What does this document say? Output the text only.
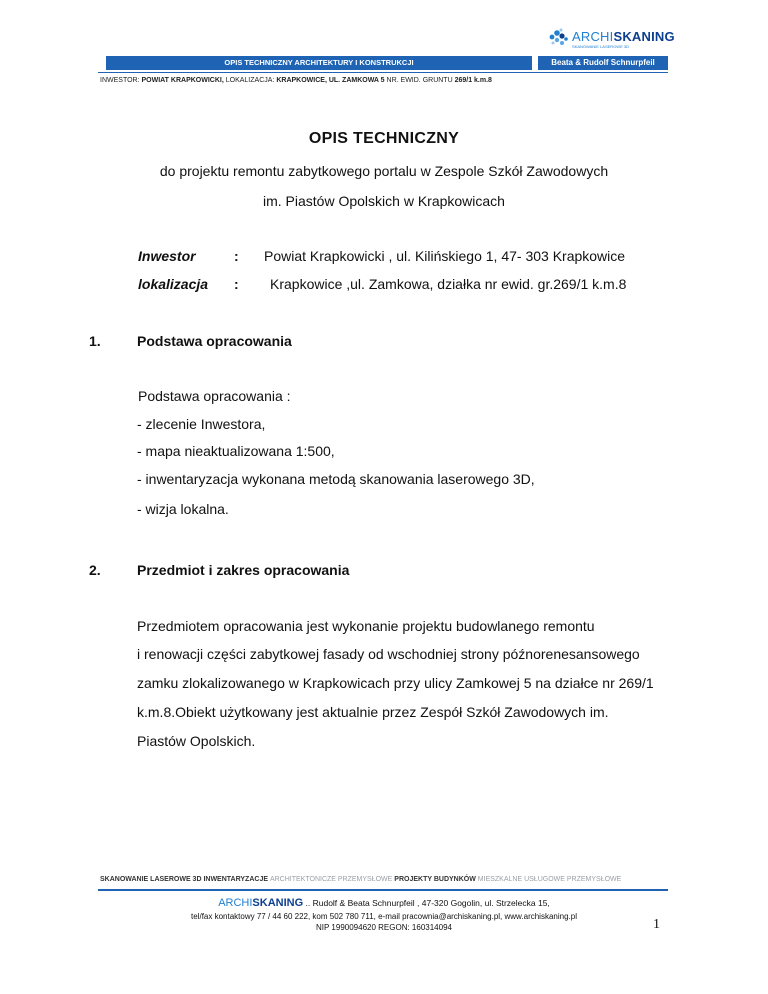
ARCHISKANING
SKANOWANIE LASEROWE 3D
OPIS TECHNICZNY ARCHITEKTURY I KONSTRUKCJI	Beata & Rudolf Schnurpfeil
INWESTOR: POWIAT KRAPKOWICKI, LOKALIZACJA: KRAPKOWICE, UL. ZAMKOWA 5 NR. EWID. GRUNTU 269/1 k.m.8
OPIS TECHNICZNY
do projektu remontu zabytkowego portalu w Zespole Szkół Zawodowych
im. Piastów Opolskich w Krapkowicach
Inwestor	: Powiat Krapkowicki , ul. Kilińskiego 1, 47- 303 Krapkowice
lokalizacja : Krapkowice ,ul. Zamkowa, działka nr ewid. gr.269/1 k.m.8
1.	Podstawa opracowania
Podstawa opracowania :
- zlecenie Inwestora,
- mapa nieaktualizowana 1:500,
- inwentaryzacja wykonana metodą skanowania laserowego 3D,
- wizja lokalna.
2.	Przedmiot i zakres opracowania
Przedmiotem opracowania jest wykonanie projektu budowlanego remontu
i renowacji części zabytkowej fasady od wschodniej strony późnorenesansowego
zamku zlokalizowanego w Krapkowicach przy ulicy Zamkowej 5 na działce nr 269/1
k.m.8.Obiekt użytkowany jest aktualnie przez Zespół Szkół Zawodowych im.
Piastów Opolskich.
SKANOWANIE LASEROWE 3D INWENTARYZACJE ARCHITEKTONICZE PRZEMYSŁOWE PROJEKTY BUDYNKÓW MIESZKALNE USŁUGOWE PRZEMYSŁOWE
ARCHISKANING .. Rudolf & Beata Schnurpfeil , 47-320 Gogolin, ul. Strzelecka 15,
tel/fax kontaktowy 77 / 44 60 222, kom 502 780 711, e-mail pracownia@archiskaning.pl, www.archiskaning.pl
NIP 1990094620 REGON: 160314094	1
